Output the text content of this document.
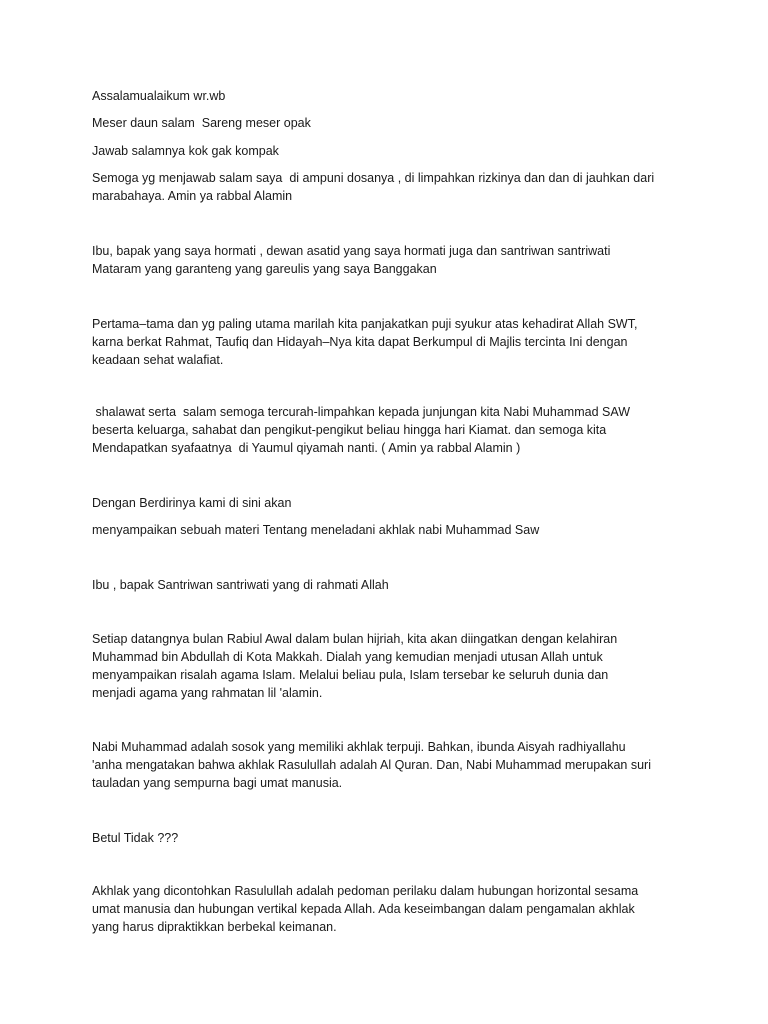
Assalamualaikum wr.wb

Meser daun salam  Sareng meser opak

Jawab salamnya kok gak kompak

Semoga yg menjawab salam saya  di ampuni dosanya , di limpahkan rizkinya dan dan di jauhkan dari

marabahaya. Amin ya rabbal Alamin

Ibu, bapak yang saya hormati , dewan asatid yang saya hormati juga dan santriwan santriwati

Mataram yang garanteng yang gareulis yang saya Banggakan

Pertama–tama dan yg paling utama marilah kita panjakatkan puji syukur atas kehadirat Allah SWT,

karna berkat Rahmat, Taufiq dan Hidayah–Nya kita dapat Berkumpul di Majlis tercinta Ini dengan

keadaan sehat walafiat.

shalawat serta  salam semoga tercurah-limpahkan kepada junjungan kita Nabi Muhammad SAW

beserta keluarga, sahabat dan pengikut-pengikut beliau hingga hari Kiamat. dan semoga kita

Mendapatkan syafaatnya  di Yaumul qiyamah nanti. ( Amin ya rabbal Alamin )

Dengan Berdirinya kami di sini akan

menyampaikan sebuah materi Tentang meneladani akhlak nabi Muhammad Saw

Ibu , bapak Santriwan santriwati yang di rahmati Allah

Setiap datangnya bulan Rabiul Awal dalam bulan hijriah, kita akan diingatkan dengan kelahiran

Muhammad bin Abdullah di Kota Makkah. Dialah yang kemudian menjadi utusan Allah untuk

menyampaikan risalah agama Islam. Melalui beliau pula, Islam tersebar ke seluruh dunia dan

menjadi agama yang rahmatan lil 'alamin.

Nabi Muhammad adalah sosok yang memiliki akhlak terpuji. Bahkan, ibunda Aisyah radhiyallahu

'anha mengatakan bahwa akhlak Rasulullah adalah Al Quran. Dan, Nabi Muhammad merupakan suri

tauladan yang sempurna bagi umat manusia.

Betul Tidak ???

Akhlak yang dicontohkan Rasulullah adalah pedoman perilaku dalam hubungan horizontal sesama

umat manusia dan hubungan vertikal kepada Allah. Ada keseimbangan dalam pengamalan akhlak

yang harus dipraktikkan berbekal keimanan.
